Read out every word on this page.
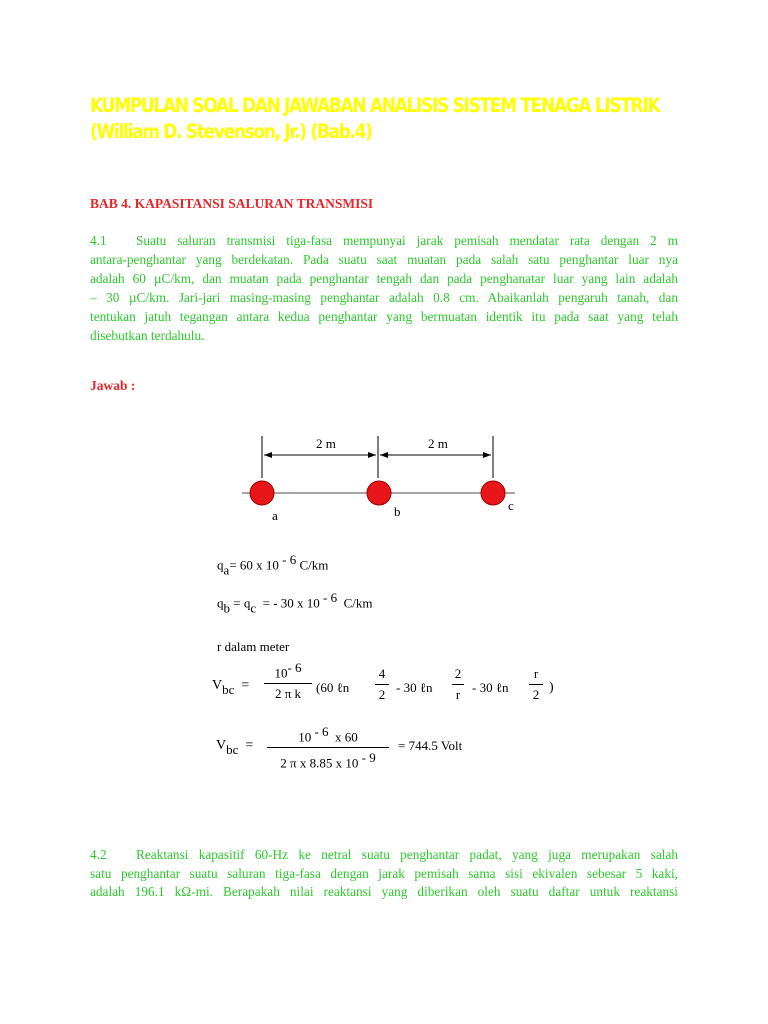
KUMPULAN SOAL DAN JAWABAN ANALISIS SISTEM TENAGA LISTRIK
(William D. Stevenson, Jr.) (Bab.4)
BAB 4. KAPASITANSI SALURAN TRANSMISI
4.1	Suatu saluran transmisi tiga-fasa mempunyai jarak pemisah mendatar rata dengan 2 m
antara-penghantar yang berdekatan. Pada suatu saat muatan pada salah satu penghantar luar nya
adalah 60 µC/km, dan muatan pada penghantar tengah dan pada penghanatar luar yang lain adalah
– 30 µC/km. Jari-jari masing-masing penghantar adalah 0.8 cm. Abaikanlah pengaruh tanah, dan
tentukan jatuh tegangan antara kedua penghantar yang bermuatan identik itu pada saat yang telah
disebutkan terdahulu.
Jawab :
2 m	2 m
a	b	c
$q_a= 60$ x 10 $^{- 6}$ C/km
$q_b = q_c$ = - 30 x 10 $^{- 6}$ C/km
r dalam meter
$V_{bc}$ =
$10^{- 6}$
2 π k	(60 ℓn
4
2 - 30 ℓn
2
r - 30 ℓn
r
2 )
$V_{bc}$ =
10 $^{- 6}$ x 60
2 π x 8.85 x 10 $^{- 9}$
= 744.5 Volt
4.2	Reaktansi kapasitif 60-Hz ke netral suatu penghantar padat, yang juga merupakan salah
satu penghantar suatu saluran tiga-fasa dengan jarak pemisah sama sisi ekivalen sebesar 5 kaki,
adalah 196.1 kΩ-mi. Berapakah nilai reaktansi yang diberikan oleh suatu daftar untuk reaktansi
